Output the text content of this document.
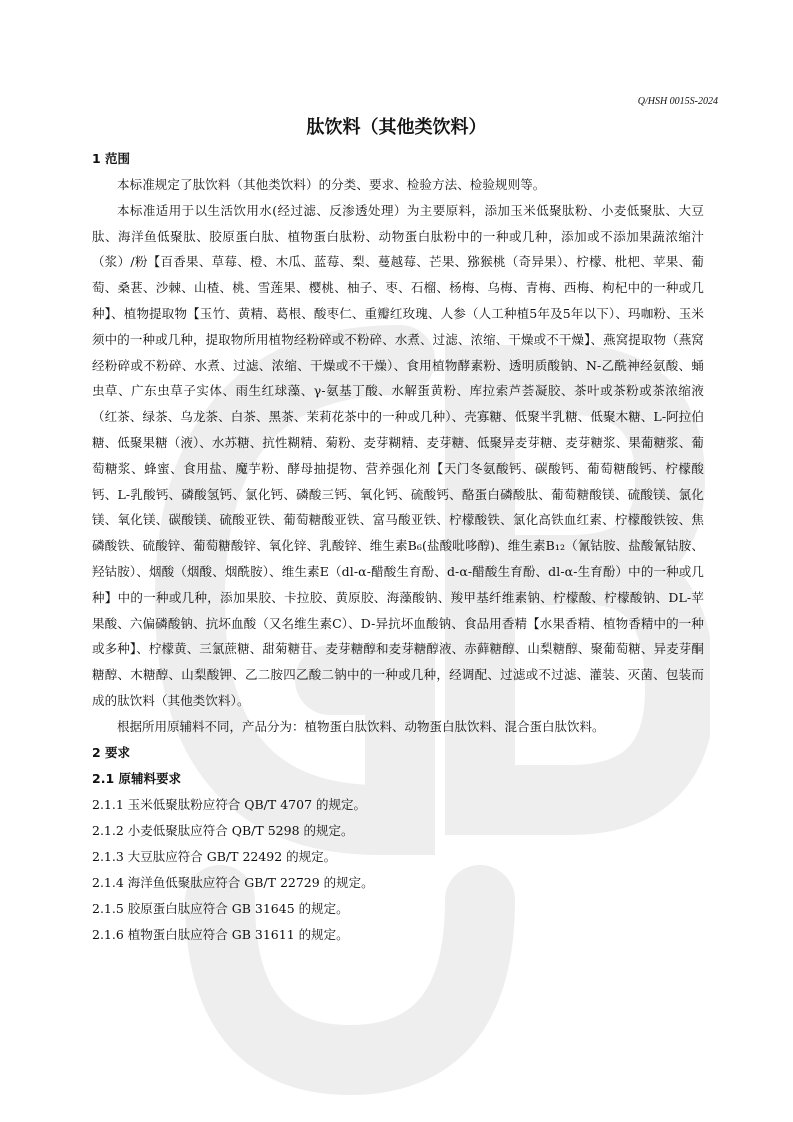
Q/HSH 0015S-2024
肽饮料（其他类饮料）
1 范围

本标准规定了肽饮料（其他类饮料）的分类、要求、检验方法、检验规则等。

本标准适用于以生活饮用水(经过滤、反渗透处理）为主要原料，添加玉米低聚肽粉、小麦低聚肽、大豆肽、海洋鱼低聚肽、胶原蛋白肽、植物蛋白肽粉、动物蛋白肽粉中的一种或几种，添加或不添加果蔬浓缩汁（浆）/粉【百香果、草莓、橙、木瓜、蓝莓、梨、蔓越莓、芒果、猕猴桃（奇异果）、柠檬、枇杷、苹果、葡萄、桑葚、沙棘、山楂、桃、雪莲果、樱桃、柚子、枣、石榴、杨梅、乌梅、青梅、西梅、枸杞中的一种或几种】、植物提取物【玉竹、黄精、葛根、酸枣仁、重瓣红玫瑰、人参（人工种植5年及5年以下）、玛咖粉、玉米须中的一种或几种，提取物所用植物经粉碎或不粉碎、水煮、过滤、浓缩、干燥或不干燥】、燕窝提取物（燕窝经粉碎或不粉碎、水煮、过滤、浓缩、干燥或不干燥）、食用植物酵素粉、透明质酸钠、N-乙酰神经氨酸、蛹虫草、广东虫草子实体、雨生红球藻、γ-氨基丁酸、水解蛋黄粉、库拉索芦荟凝胶、茶叶或茶粉或茶浓缩液（红茶、绿茶、乌龙茶、白茶、黑茶、茉莉花茶中的一种或几种）、壳寡糖、低聚半乳糖、低聚木糖、L-阿拉伯糖、低聚果糖（液）、水苏糖、抗性糊精、菊粉、麦芽糊精、麦芽糖、低聚异麦芽糖、麦芽糖浆、果葡糖浆、葡萄糖浆、蜂蜜、食用盐、魔芋粉、酵母抽提物、营养强化剂【天门冬氨酸钙、碳酸钙、葡萄糖酸钙、柠檬酸钙、L-乳酸钙、磷酸氢钙、氯化钙、磷酸三钙、氧化钙、硫酸钙、酪蛋白磷酸肽、葡萄糖酸镁、硫酸镁、氯化镁、氧化镁、碳酸镁、硫酸亚铁、葡萄糖酸亚铁、富马酸亚铁、柠檬酸铁、氯化高铁血红素、柠檬酸铁铵、焦磷酸铁、硫酸锌、葡萄糖酸锌、氧化锌、乳酸锌、维生素B₆(盐酸吡哆醇)、维生素B₁₂（氰钴胺、盐酸氰钴胺、羟钴胺）、烟酸（烟酸、烟酰胺）、维生素E（dl-α-醋酸生育酚、d-α-醋酸生育酚、dl-α-生育酚）中的一种或几种】中的一种或几种，添加果胶、卡拉胶、黄原胶、海藻酸钠、羧甲基纤维素钠、柠檬酸、柠檬酸钠、DL-苹果酸、六偏磷酸钠、抗坏血酸（又名维生素C）、D-异抗坏血酸钠、食品用香精【水果香精、植物香精中的一种或多种】、柠檬黄、三氯蔗糖、甜菊糖苷、麦芽糖醇和麦芽糖醇液、赤藓糖醇、山梨糖醇、聚葡萄糖、异麦芽酮糖醇、木糖醇、山梨酸钾、乙二胺四乙酸二钠中的一种或几种，经调配、过滤或不过滤、灌装、灭菌、包装而成的肽饮料（其他类饮料）。

根据所用原辅料不同，产品分为：植物蛋白肽饮料、动物蛋白肽饮料、混合蛋白肽饮料。

2 要求
2.1 原辅料要求
2.1.1 玉米低聚肽粉应符合 QB/T 4707 的规定。
2.1.2 小麦低聚肽应符合 QB/T 5298 的规定。
2.1.3 大豆肽应符合 GB/T 22492 的规定。
2.1.4 海洋鱼低聚肽应符合 GB/T 22729 的规定。
2.1.5 胶原蛋白肽应符合 GB 31645 的规定。
2.1.6 植物蛋白肽应符合 GB 31611 的规定。
